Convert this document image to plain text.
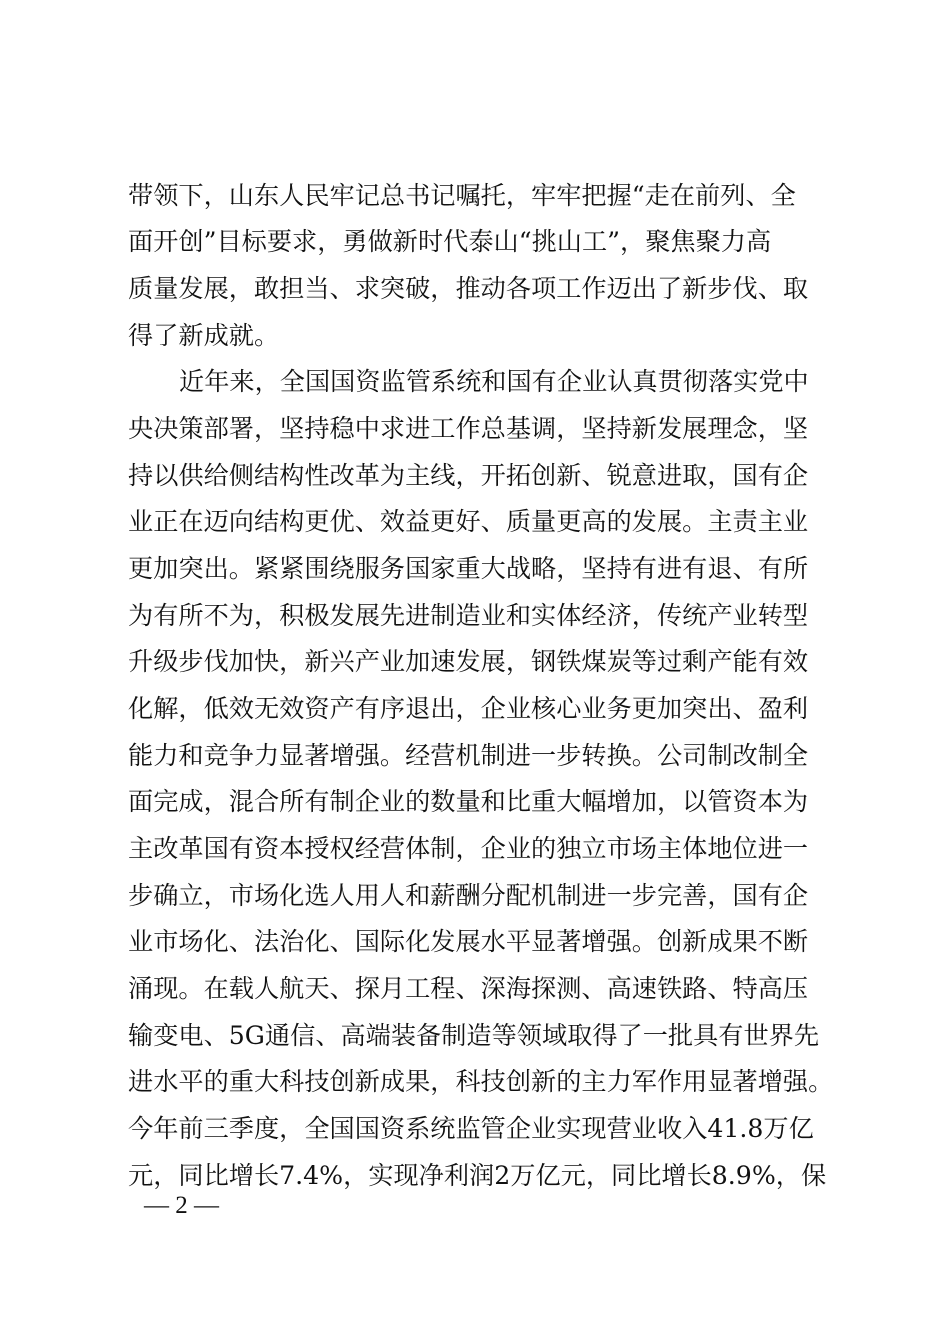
带领下，山东人民牢记总书记嘱托，牢牢把握“走在前列、全
面开创”目标要求，勇做新时代泰山“挑山工”，聚焦聚力高
质量发展，敢担当、求突破，推动各项工作迈出了新步伐、取
得了新成就。
近年来，全国国资监管系统和国有企业认真贯彻落实党中
央决策部署，坚持稳中求进工作总基调，坚持新发展理念，坚
持以供给侧结构性改革为主线，开拓创新、锐意进取，国有企
业正在迈向结构更优、效益更好、质量更高的发展。主责主业
更加突出。紧紧围绕服务国家重大战略，坚持有进有退、有所
为有所不为，积极发展先进制造业和实体经济，传统产业转型
升级步伐加快，新兴产业加速发展，钢铁煤炭等过剩产能有效
化解，低效无效资产有序退出，企业核心业务更加突出、盈利
能力和竞争力显著增强。经营机制进一步转换。公司制改制全
面完成，混合所有制企业的数量和比重大幅增加，以管资本为
主改革国有资本授权经营体制，企业的独立市场主体地位进一
步确立，市场化选人用人和薪酬分配机制进一步完善，国有企
业市场化、法治化、国际化发展水平显著增强。创新成果不断
涌现。在载人航天、探月工程、深海探测、高速铁路、特高压
输变电、5G通信、高端装备制造等领域取得了一批具有世界先
进水平的重大科技创新成果，科技创新的主力军作用显著增强。
今年前三季度，全国国资系统监管企业实现营业收入41.8万亿
元，同比增长7.4%，实现净利润2万亿元，同比增长8.9%，保
— 2 —
